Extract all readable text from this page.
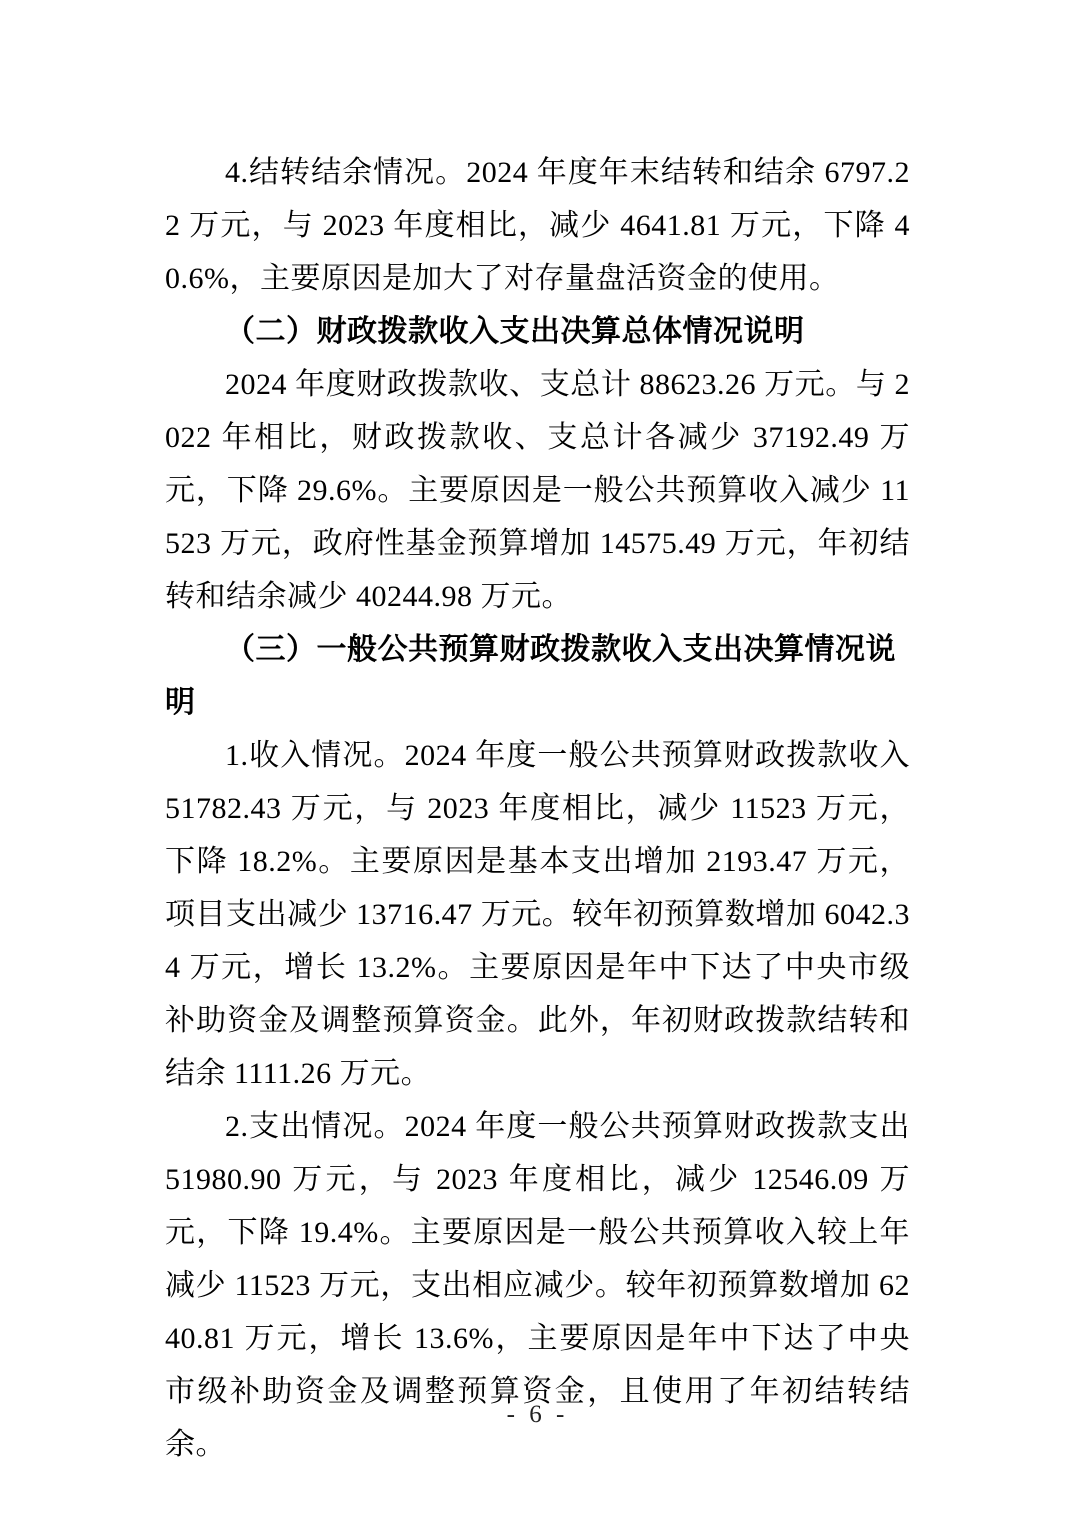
4.结转结余情况。2024 年度年末结转和结余 6797.22 万元，与 2023 年度相比，减少 4641.81 万元，下降 40.6%，主要原因是加大了对存量盘活资金的使用。

（二）财政拨款收入支出决算总体情况说明

2024 年度财政拨款收、支总计 88623.26 万元。与 2022 年相比，财政拨款收、支总计各减少 37192.49 万元，下降 29.6%。主要原因是一般公共预算收入减少 11523 万元，政府性基金预算增加 14575.49 万元，年初结转和结余减少 40244.98 万元。

（三）一般公共预算财政拨款收入支出决算情况说明

1.收入情况。2024 年度一般公共预算财政拨款收入 51782.43 万元，与 2023 年度相比，减少 11523 万元，下降 18.2%。主要原因是基本支出增加 2193.47 万元，项目支出减少 13716.47 万元。较年初预算数增加 6042.34 万元，增长 13.2%。主要原因是年中下达了中央市级补助资金及调整预算资金。此外，年初财政拨款结转和结余 1111.26 万元。

2.支出情况。2024 年度一般公共预算财政拨款支出 51980.90 万元，与 2023 年度相比，减少 12546.09 万元，下降 19.4%。主要原因是一般公共预算收入较上年减少 11523 万元，支出相应减少。较年初预算数增加 6240.81 万元，增长 13.6%，主要原因是年中下达了中央市级补助资金及调整预算资金，且使用了年初结转结余。

- 6 -
